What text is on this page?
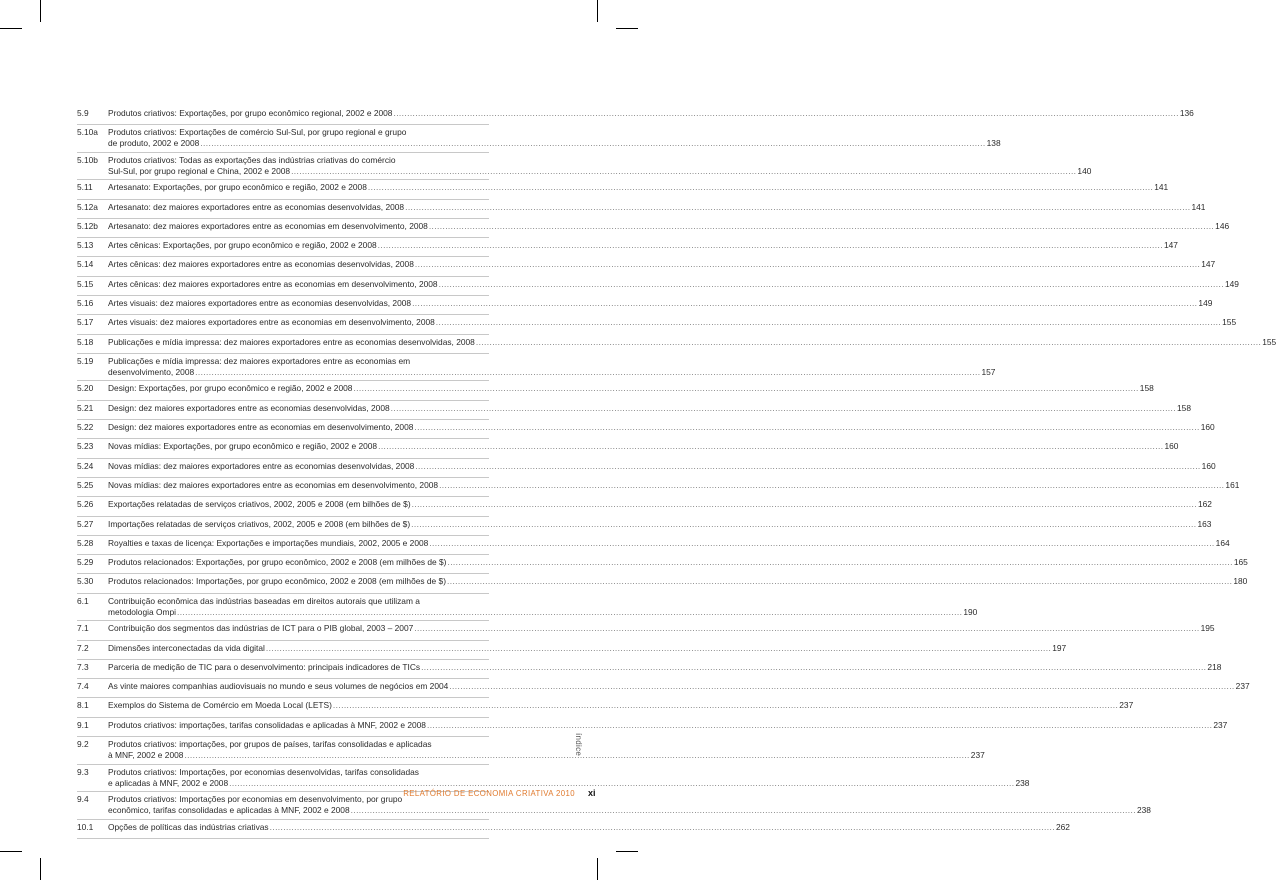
5.9	Produtos criativos: Exportações, por grupo econômico regional, 2002 e 2008 .....	136
5.10a	Produtos criativos: Exportações de comércio Sul-Sul, por grupo regional e grupo
de produto, 2002 e 2008 .....	138
5.10b	Produtos criativos: Todas as exportações das indústrias criativas do comércio
Sul-Sul, por grupo regional e China, 2002 e 2008 .....	140
5.11	Artesanato: Exportações, por grupo econômico e região, 2002 e 2008 .....	141
5.12a	Artesanato: dez maiores exportadores entre as economias desenvolvidas, 2008 .....	141
5.12b	Artesanato: dez maiores exportadores entre as economias em desenvolvimento, 2008 .....	146
5.13	Artes cênicas: Exportações, por grupo econômico e região, 2002 e 2008 .....	147
5.14	Artes cênicas: dez maiores exportadores entre as economias desenvolvidas, 2008 .....	147
5.15	Artes cênicas: dez maiores exportadores entre as economias em desenvolvimento, 2008 .....	149
5.16	Artes visuais: dez maiores exportadores entre as economias desenvolvidas, 2008 .....	149
5.17	Artes visuais: dez maiores exportadores entre as economias em desenvolvimento, 2008 .....	155
5.18	Publicações e mídia impressa: dez maiores exportadores entre as economias desenvolvidas, 2008 .....	155
5.19	Publicações e mídia impressa: dez maiores exportadores entre as economias em
desenvolvimento, 2008 .....	157
5.20	Design: Exportações, por grupo econômico e região, 2002 e 2008 .....	158
5.21	Design: dez maiores exportadores entre as economias desenvolvidas, 2008 .....	158
5.22	Design: dez maiores exportadores entre as economias em desenvolvimento, 2008 .....	160
5.23	Novas mídias: Exportações, por grupo econômico e região, 2002 e 2008 .....	160
5.24	Novas mídias: dez maiores exportadores entre as economias desenvolvidas, 2008 .....	160
5.25	Novas mídias: dez maiores exportadores entre as economias em desenvolvimento, 2008 .....	161
5.26	Exportações relatadas de serviços criativos, 2002, 2005 e 2008 (em bilhões de $) .....	162
5.27	Importações relatadas de serviços criativos, 2002, 2005 e 2008 (em bilhões de $) .....	163
5.28	Royalties e taxas de licença: Exportações e importações mundiais, 2002, 2005 e 2008 .....	164
5.29	Produtos relacionados: Exportações, por grupo econômico, 2002 e 2008 (em milhões de $) .....	165
5.30	Produtos relacionados: Importações, por grupo econômico, 2002 e 2008 (em milhões de $) .....	180
6.1	Contribuição econômica das indústrias baseadas em direitos autorais que utilizam a
metodologia Ompi .....	190
7.1	Contribuição dos segmentos das indústrias de ICT para o PIB global, 2003 – 2007 .....	195
7.2	Dimensões interconectadas da vida digital .....	197
7.3	Parceria de medição de TIC para o desenvolvimento: principais indicadores de TICs .....	218
7.4	As vinte maiores companhias audiovisuais no mundo e seus volumes de negócios em 2004 .....	237
8.1	Exemplos do Sistema de Comércio em Moeda Local (LETS) .....	237
9.1	Produtos criativos: importações, tarifas consolidadas e aplicadas à MNF, 2002 e 2008 .....	237
9.2	Produtos criativos: importações, por grupos de países, tarifas consolidadas e aplicadas
à MNF, 2002 e 2008 .....	237
9.3	Produtos criativos: Importações, por economias desenvolvidas, tarifas consolidadas
e aplicadas à MNF, 2002 e 2008 .....	238
9.4	Produtos criativos: Importações por economias em desenvolvimento, por grupo
econômico, tarifas consolidadas e aplicadas à MNF, 2002 e 2008 .....	238
10.1	Opções de políticas das indústrias criativas .....	262
índice
RELATÓRIO DE ECONOMIA CRIATIVA 2010 xi
